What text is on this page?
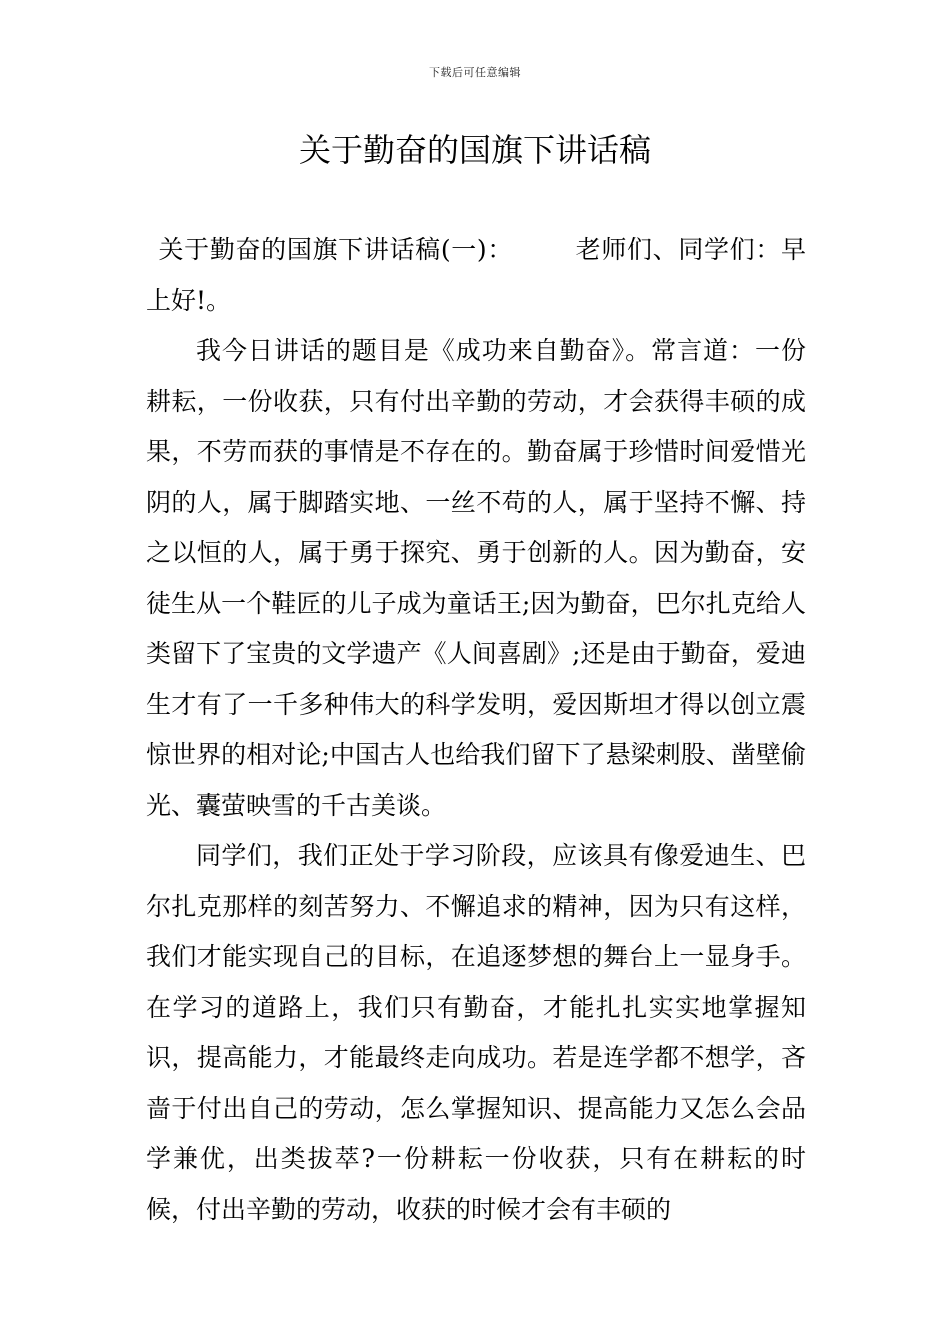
下载后可任意编辑
关于勤奋的国旗下讲话稿

关于勤奋的国旗下讲话稿(一)： 老师们、同学们：早上好!。

我今日讲话的题目是《成功来自勤奋》。常言道：一份耕耘，一份收获，只有付出辛勤的劳动，才会获得丰硕的成果，不劳而获的事情是不存在的。勤奋属于珍惜时间爱惜光阴的人，属于脚踏实地、一丝不苟的人，属于坚持不懈、持之以恒的人，属于勇于探究、勇于创新的人。因为勤奋，安徒生从一个鞋匠的儿子成为童话王;因为勤奋，巴尔扎克给人类留下了宝贵的文学遗产《人间喜剧》;还是由于勤奋，爱迪生才有了一千多种伟大的科学发明，爱因斯坦才得以创立震惊世界的相对论;中国古人也给我们留下了悬梁刺股、凿壁偷光、囊萤映雪的千古美谈。

同学们，我们正处于学习阶段，应该具有像爱迪生、巴尔扎克那样的刻苦努力、不懈追求的精神，因为只有这样，我们才能实现自己的目标，在追逐梦想的舞台上一显身手。在学习的道路上，我们只有勤奋，才能扎扎实实地掌握知识，提高能力，才能最终走向成功。若是连学都不想学，吝啬于付出自己的劳动，怎么掌握知识、提高能力又怎么会品学兼优，出类拔萃?一份耕耘一份收获，只有在耕耘的时候，付出辛勤的劳动，收获的时候才会有丰硕的
